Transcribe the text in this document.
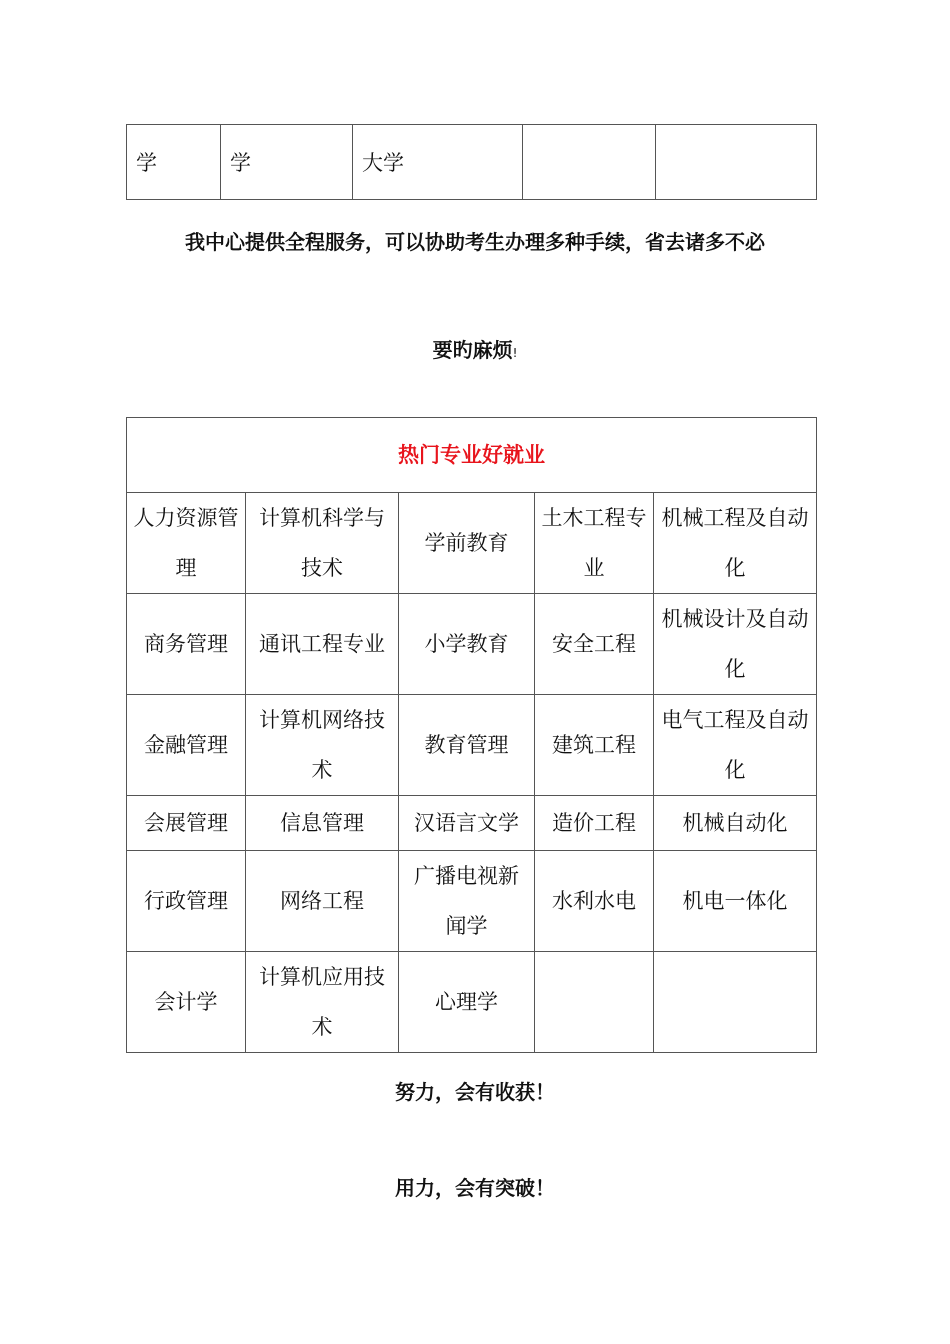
学	学	大学		
我中心提供全程服务，可以协助考生办理多种手续，省去诸多不必
要旳麻烦!
热门专业好就业				
人力资源管理	计算机科学与技术	学前教育	土木工程专业	机械工程及自动化
商务管理	通讯工程专业	小学教育	安全工程	机械设计及自动化
金融管理	计算机网络技术	教育管理	建筑工程	电气工程及自动化
会展管理	信息管理	汉语言文学	造价工程	机械自动化
行政管理	网络工程	广播电视新闻学	水利水电	机电一体化
会计学	计算机应用技术	心理学		
努力，会有收获！
用力，会有突破！
